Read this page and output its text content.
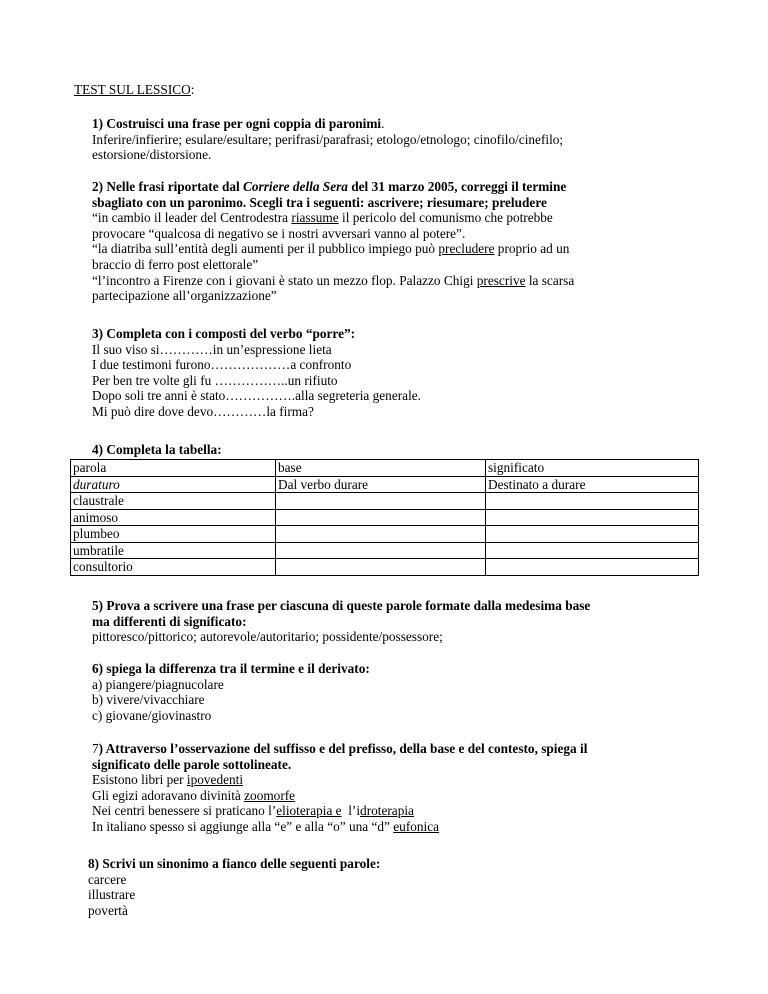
TEST SUL LESSICO:

1) Costruisci una frase per ogni coppia di paronimi.

Inferire/infierire; esulare/esultare; perifrasi/parafrasi; etologo/etnologo; cinofilo/cinefilo;

estorsione/distorsione.

2) Nelle frasi riportate dal Corriere della Sera del 31 marzo 2005, correggi il termine

sbagliato con un paronimo. Scegli tra i seguenti: ascrivere; riesumare; preludere

“in cambio il leader del Centrodestra riassume il pericolo del comunismo che potrebbe

provocare “qualcosa di negativo se i nostri avversari vanno al potere”.

“la diatriba sull’entità degli aumenti per il pubblico impiego può precludere proprio ad un

braccio di ferro post elettorale”

“l’incontro a Firenze con i giovani è stato un mezzo flop. Palazzo Chigi prescrive la scarsa

partecipazione all’organizzazione”

3) Completa con i composti del verbo “porre”:

Il suo viso si…………in un’espressione lieta

I due testimoni furono………………a confronto

Per ben tre volte gli fu ……………..un rifiuto

Dopo soli tre anni è stato…………….alla segreteria generale.

Mi può dire dove devo…………la firma?

4) Completa la tabella:

parola	base	significato
duraturo	Dal verbo durare	Destinato a durare
claustrale		
animoso		
plumbeo		
umbratile		
consultorio		

5) Prova a scrivere una frase per ciascuna di queste parole formate dalla medesima base

ma differenti di significato:

pittoresco/pittorico; autorevole/autoritario; possidente/possessore;

6) spiega la differenza tra il termine e il derivato:

a) piangere/piagnucolare

b) vivere/vivacchiare

c) giovane/giovinastro

7) Attraverso l’osservazione del suffisso e del prefisso, della base e del contesto, spiega il

significato delle parole sottolineate.

Esistono libri per ipovedenti

Gli egizi adoravano divinità zoomorfe

Nei centri benessere si praticano l’elioterapia e  l’idroterapia

In italiano spesso si aggiunge alla “e” e alla “o” una “d” eufonica

8) Scrivi un sinonimo a fianco delle seguenti parole:

carcere

illustrare

povertà
